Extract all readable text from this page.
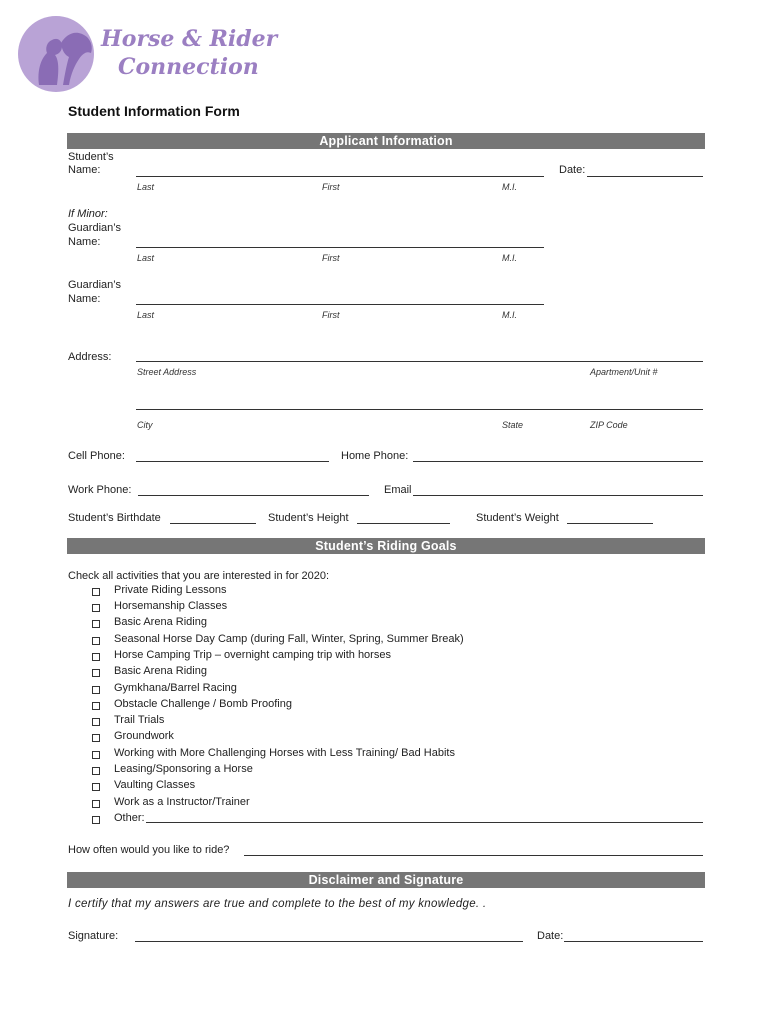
Horse & Rider
Connection
Student Information Form
Applicant Information
Student’s
Name:	Date:
Last	First	M.I.
If Minor:
Guardian’s
Name:
Last	First	M.I.
Guardian’s
Name:
Last	First	M.I.
Address:
Street Address	Apartment/Unit #
City	State	ZIP Code
Cell Phone:	Home Phone:
Work Phone:	Email
Student’s Birthdate	Student’s Height	Student’s Weight
Student’s Riding Goals
Check all activities that you are interested in for 2020:
Private Riding Lessons
Horsemanship Classes
Basic Arena Riding
Seasonal Horse Day Camp (during Fall, Winter, Spring, Summer Break)
Horse Camping Trip – overnight camping trip with horses
Basic Arena Riding
Gymkhana/Barrel Racing
Obstacle Challenge / Bomb Proofing
Trail Trials
Groundwork
Working with More Challenging Horses with Less Training/ Bad Habits
Leasing/Sponsoring a Horse
Vaulting Classes
Work as a Instructor/Trainer
Other:
How often would you like to ride?
Disclaimer and Signature
I certify that my answers are true and complete to the best of my knowledge. .
Signature:	Date:
